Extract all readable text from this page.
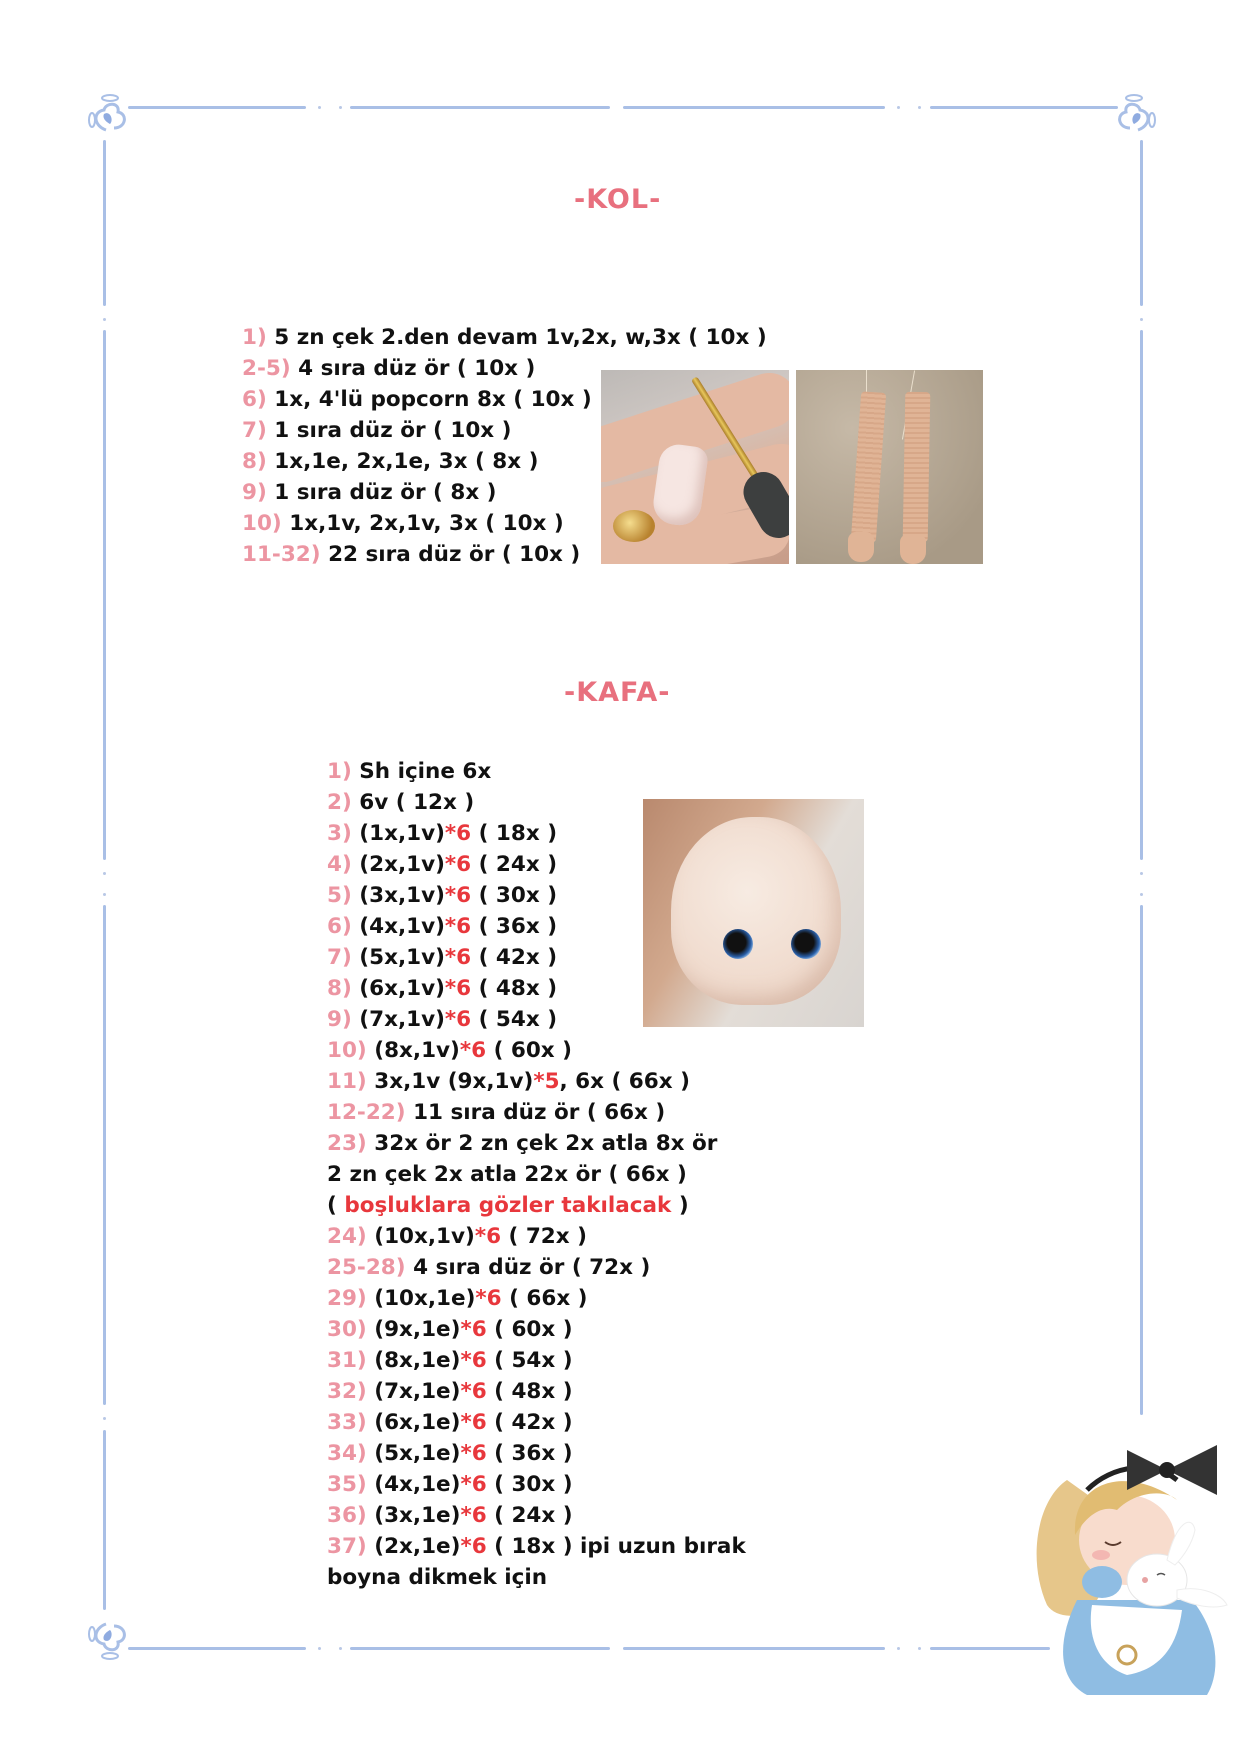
-KOL-
1) 5 zn çek 2.den devam 1v,2x, w,3x ( 10x )
2-5) 4 sıra düz ör ( 10x )
6) 1x, 4'lü popcorn 8x ( 10x )
7) 1 sıra düz ör ( 10x )
8) 1x,1e, 2x,1e, 3x ( 8x )
9) 1 sıra düz ör ( 8x )
10) 1x,1v, 2x,1v, 3x ( 10x )
11-32) 22 sıra düz ör ( 10x )
-KAFA-
1) Sh içine 6x
2) 6v ( 12x )
3) (1x,1v)*6 ( 18x )
4) (2x,1v)*6 ( 24x )
5) (3x,1v)*6 ( 30x )
6) (4x,1v)*6 ( 36x )
7) (5x,1v)*6 ( 42x )
8) (6x,1v)*6 ( 48x )
9) (7x,1v)*6 ( 54x )
10) (8x,1v)*6 ( 60x )
11) 3x,1v (9x,1v)*5, 6x ( 66x )
12-22) 11 sıra düz ör ( 66x )
23) 32x ör 2 zn çek 2x atla 8x ör
2 zn çek 2x atla 22x ör ( 66x )
( boşluklara gözler takılacak )
24) (10x,1v)*6 ( 72x )
25-28) 4 sıra düz ör ( 72x )
29) (10x,1e)*6 ( 66x )
30) (9x,1e)*6 ( 60x )
31) (8x,1e)*6 ( 54x )
32) (7x,1e)*6 ( 48x )
33) (6x,1e)*6 ( 42x )
34) (5x,1e)*6 ( 36x )
35) (4x,1e)*6 ( 30x )
36) (3x,1e)*6 ( 24x )
37) (2x,1e)*6 ( 18x ) ipi uzun bırak
boyna dikmek için
